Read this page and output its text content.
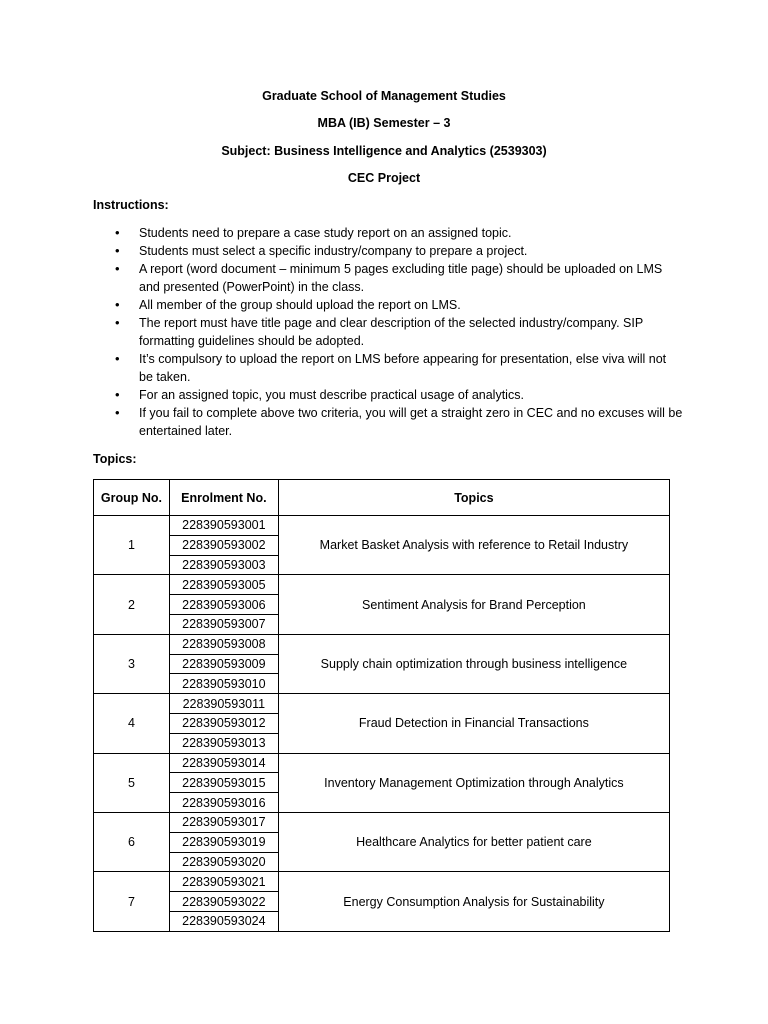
Graduate School of Management Studies

MBA (IB) Semester – 3

Subject: Business Intelligence and Analytics (2539303)

CEC Project

Instructions:
• Students need to prepare a case study report on an assigned topic.
• Students must select a specific industry/company to prepare a project.
• A report (word document – minimum 5 pages excluding title page) should be uploaded on LMS and presented (PowerPoint) in the class.
• All member of the group should upload the report on LMS.
• The report must have title page and clear description of the selected industry/company. SIP formatting guidelines should be adopted.
• It’s compulsory to upload the report on LMS before appearing for presentation, else viva will not be taken.
• For an assigned topic, you must describe practical usage of analytics.
• If you fail to complete above two criteria, you will get a straight zero in CEC and no excuses will be entertained later.
Topics:
Group No.	Enrolment No.	Topics
1	228390593001	Market Basket Analysis with reference to Retail Industry
	228390593002	
	228390593003	
2	228390593005	Sentiment Analysis for Brand Perception
	228390593006	
	228390593007	
3	228390593008	Supply chain optimization through business intelligence
	228390593009	
	228390593010	
4	228390593011	Fraud Detection in Financial Transactions
	228390593012	
	228390593013	
5	228390593014	Inventory Management Optimization through Analytics
	228390593015	
	228390593016	
6	228390593017	Healthcare Analytics for better patient care
	228390593019	
	228390593020	
7	228390593021	Energy Consumption Analysis for Sustainability
	228390593022	
	228390593024	
